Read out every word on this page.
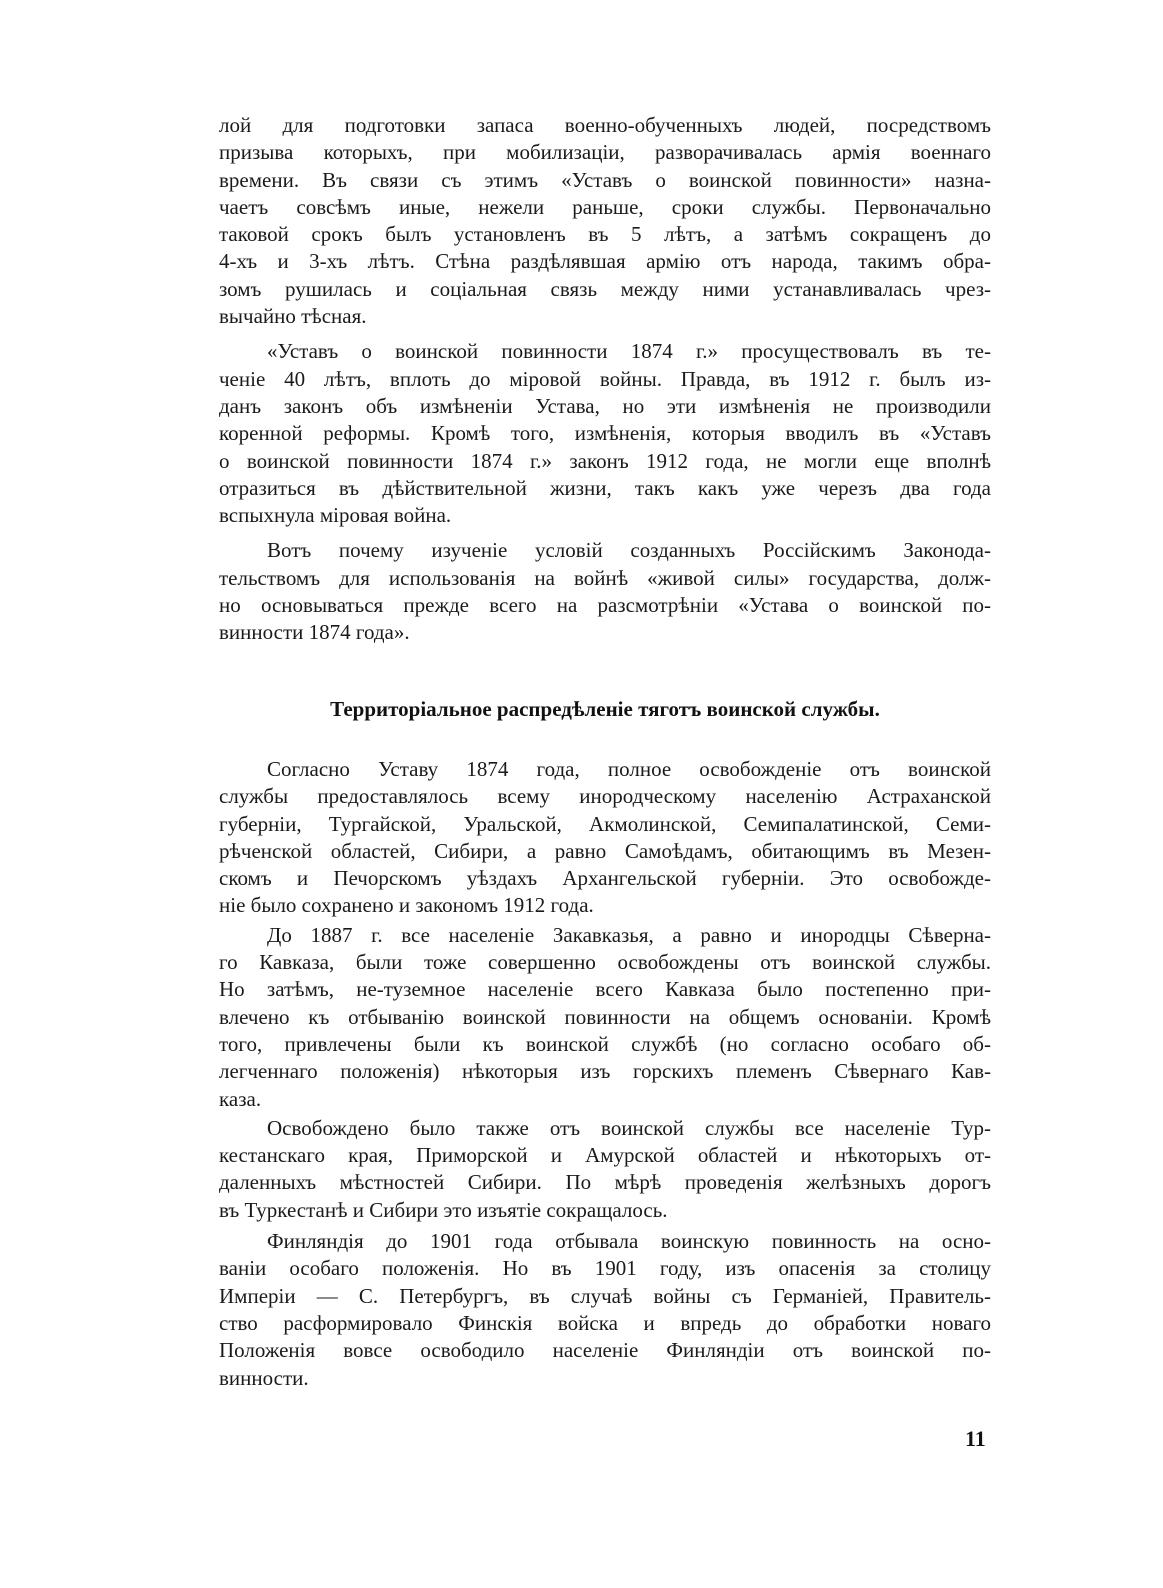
лой для подготовки запаса военно-обученныхъ людей, посредствомъ
призыва которыхъ, при мобилизаціи, разворачивалась армія военнаго
времени. Въ связи съ этимъ «Уставъ о воинской повинности» назна-
чаетъ совсѣмъ иные, нежели раньше, сроки службы. Первоначально
таковой срокъ былъ установленъ въ 5 лѣтъ, а затѣмъ сокращенъ до
4-хъ и 3-хъ лѣтъ. Стѣна раздѣлявшая армію отъ народа, такимъ обра-
зомъ рушилась и соціальная связь между ними устанавливалась чрез-
вычайно тѣсная.
«Уставъ о воинской повинности 1874 г.» просуществовалъ въ те-
ченіе 40 лѣтъ, вплоть до міровой войны. Правда, въ 1912 г. былъ из-
данъ законъ объ измѣненіи Устава, но эти измѣненія не производили
коренной реформы. Кромѣ того, измѣненія, которыя вводилъ въ «Уставъ
о воинской повинности 1874 г.» законъ 1912 года, не могли еще вполнѣ
отразиться въ дѣйствительной жизни, такъ какъ уже черезъ два года
вспыхнула міровая война.
Вотъ почему изученіе условій созданныхъ Россійскимъ Законода-
тельствомъ для использованія на войнѣ «живой силы» государства, долж-
но основываться прежде всего на разсмотрѣніи «Устава о воинской по-
винности 1874 года».
Территоріальное распредѣленіе тяготъ воинской службы.
Согласно Уставу 1874 года, полное освобожденіе отъ воинской
службы предоставлялось всему инородческому населенію Астраханской
губерніи, Тургайской, Уральской, Акмолинской, Семипалатинской, Семи-
рѣченской областей, Сибири, а равно Самоѣдамъ, обитающимъ въ Мезен-
скомъ и Печорскомъ уѣздахъ Архангельской губерніи. Это освобожде-
ніе было сохранено и закономъ 1912 года.
До 1887 г. все населеніе Закавказья, а равно и инородцы Сѣверна-
го Кавказа, были тоже совершенно освобождены отъ воинской службы.
Но затѣмъ, не-туземное населеніе всего Кавказа было постепенно при-
влечено къ отбыванію воинской повинности на общемъ основаніи. Кромѣ
того, привлечены были къ воинской службѣ (но согласно особаго об-
легченнаго положенія) нѣкоторыя изъ горскихъ племенъ Сѣвернаго Кав-
каза.
Освобождено было также отъ воинской службы все населеніе Тур-
кестанскаго края, Приморской и Амурской областей и нѣкоторыхъ от-
даленныхъ мѣстностей Сибири. По мѣрѣ проведенія желѣзныхъ дорогъ
въ Туркестанѣ и Сибири это изъятіе сокращалось.
Финляндія до 1901 года отбывала воинскую повинность на осно-
ваніи особаго положенія. Но въ 1901 году, изъ опасенія за столицу
Имперіи — С. Петербургъ, въ случаѣ войны съ Германіей, Правитель-
ство расформировало Финскія войска и впредь до обработки новаго
Положенія вовсе освободило населеніе Финляндіи отъ воинской по-
винности.
11
